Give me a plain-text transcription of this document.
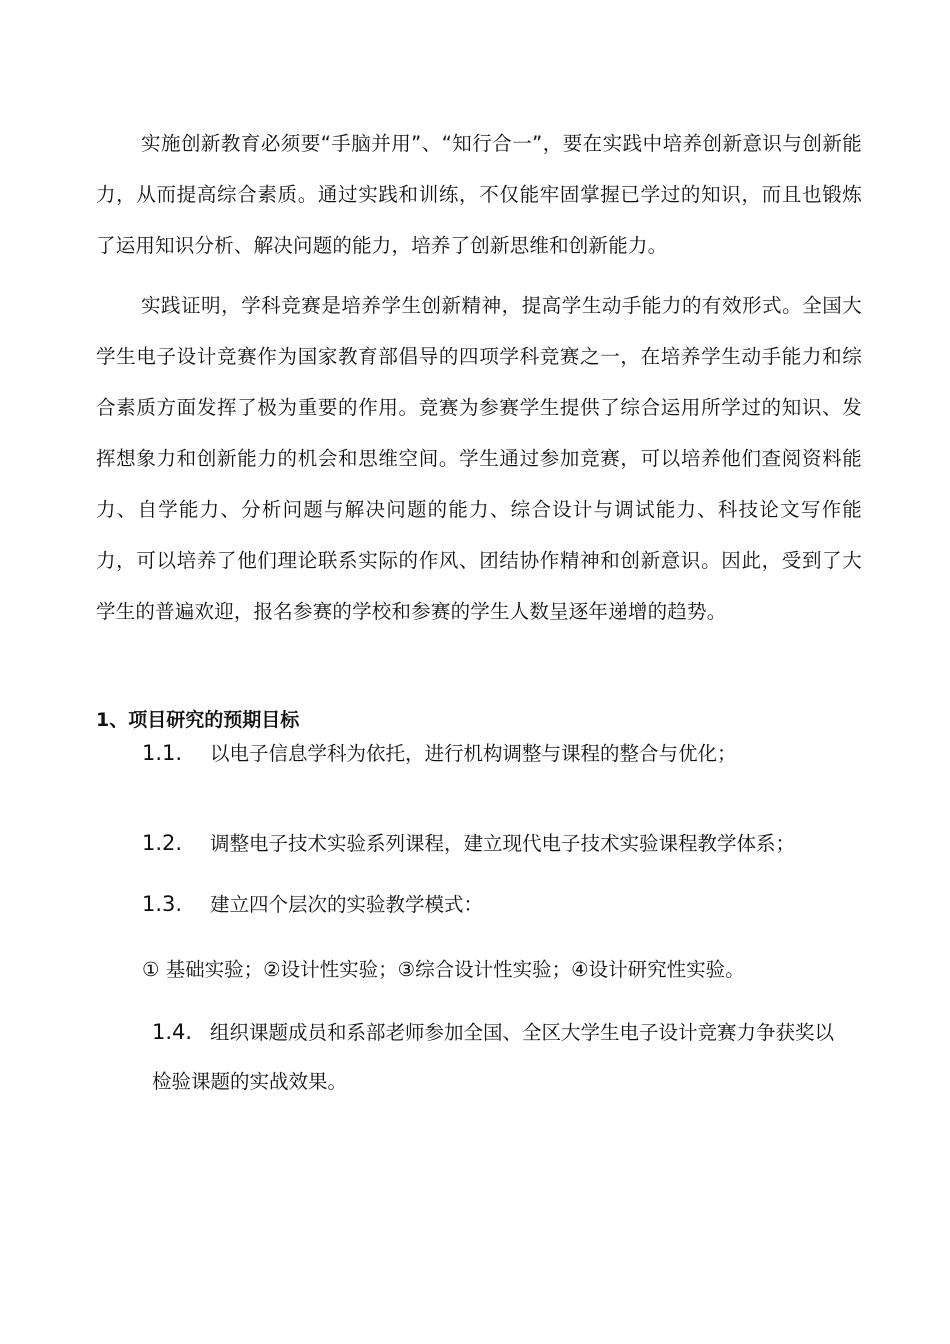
实施创新教育必须要“手脑并用”、“知行合一”，要在实践中培养创新意识与创新能力，从而提高综合素质。通过实践和训练，不仅能牢固掌握已学过的知识，而且也锻炼了运用知识分析、解决问题的能力，培养了创新思维和创新能力。

实践证明，学科竞赛是培养学生创新精神，提高学生动手能力的有效形式。全国大学生电子设计竞赛作为国家教育部倡导的四项学科竞赛之一，在培养学生动手能力和综合素质方面发挥了极为重要的作用。竞赛为参赛学生提供了综合运用所学过的知识、发挥想象力和创新能力的机会和思维空间。学生通过参加竞赛，可以培养他们查阅资料能力、自学能力、分析问题与解决问题的能力、综合设计与调试能力、科技论文写作能力，可以培养了他们理论联系实际的作风、团结协作精神和创新意识。因此，受到了大学生的普遍欢迎，报名参赛的学校和参赛的学生人数呈逐年递增的趋势。

1、项目研究的预期目标

1.1. 以电子信息学科为依托，进行机构调整与课程的整合与优化；

1.2. 调整电子技术实验系列课程，建立现代电子技术实验课程教学体系；

1.3. 建立四个层次的实验教学模式：

① 基础实验；②设计性实验；③综合设计性实验；④设计研究性实验。

1.4. 组织课题成员和系部老师参加全国、全区大学生电子设计竞赛力争获奖以检验课题的实战效果。
